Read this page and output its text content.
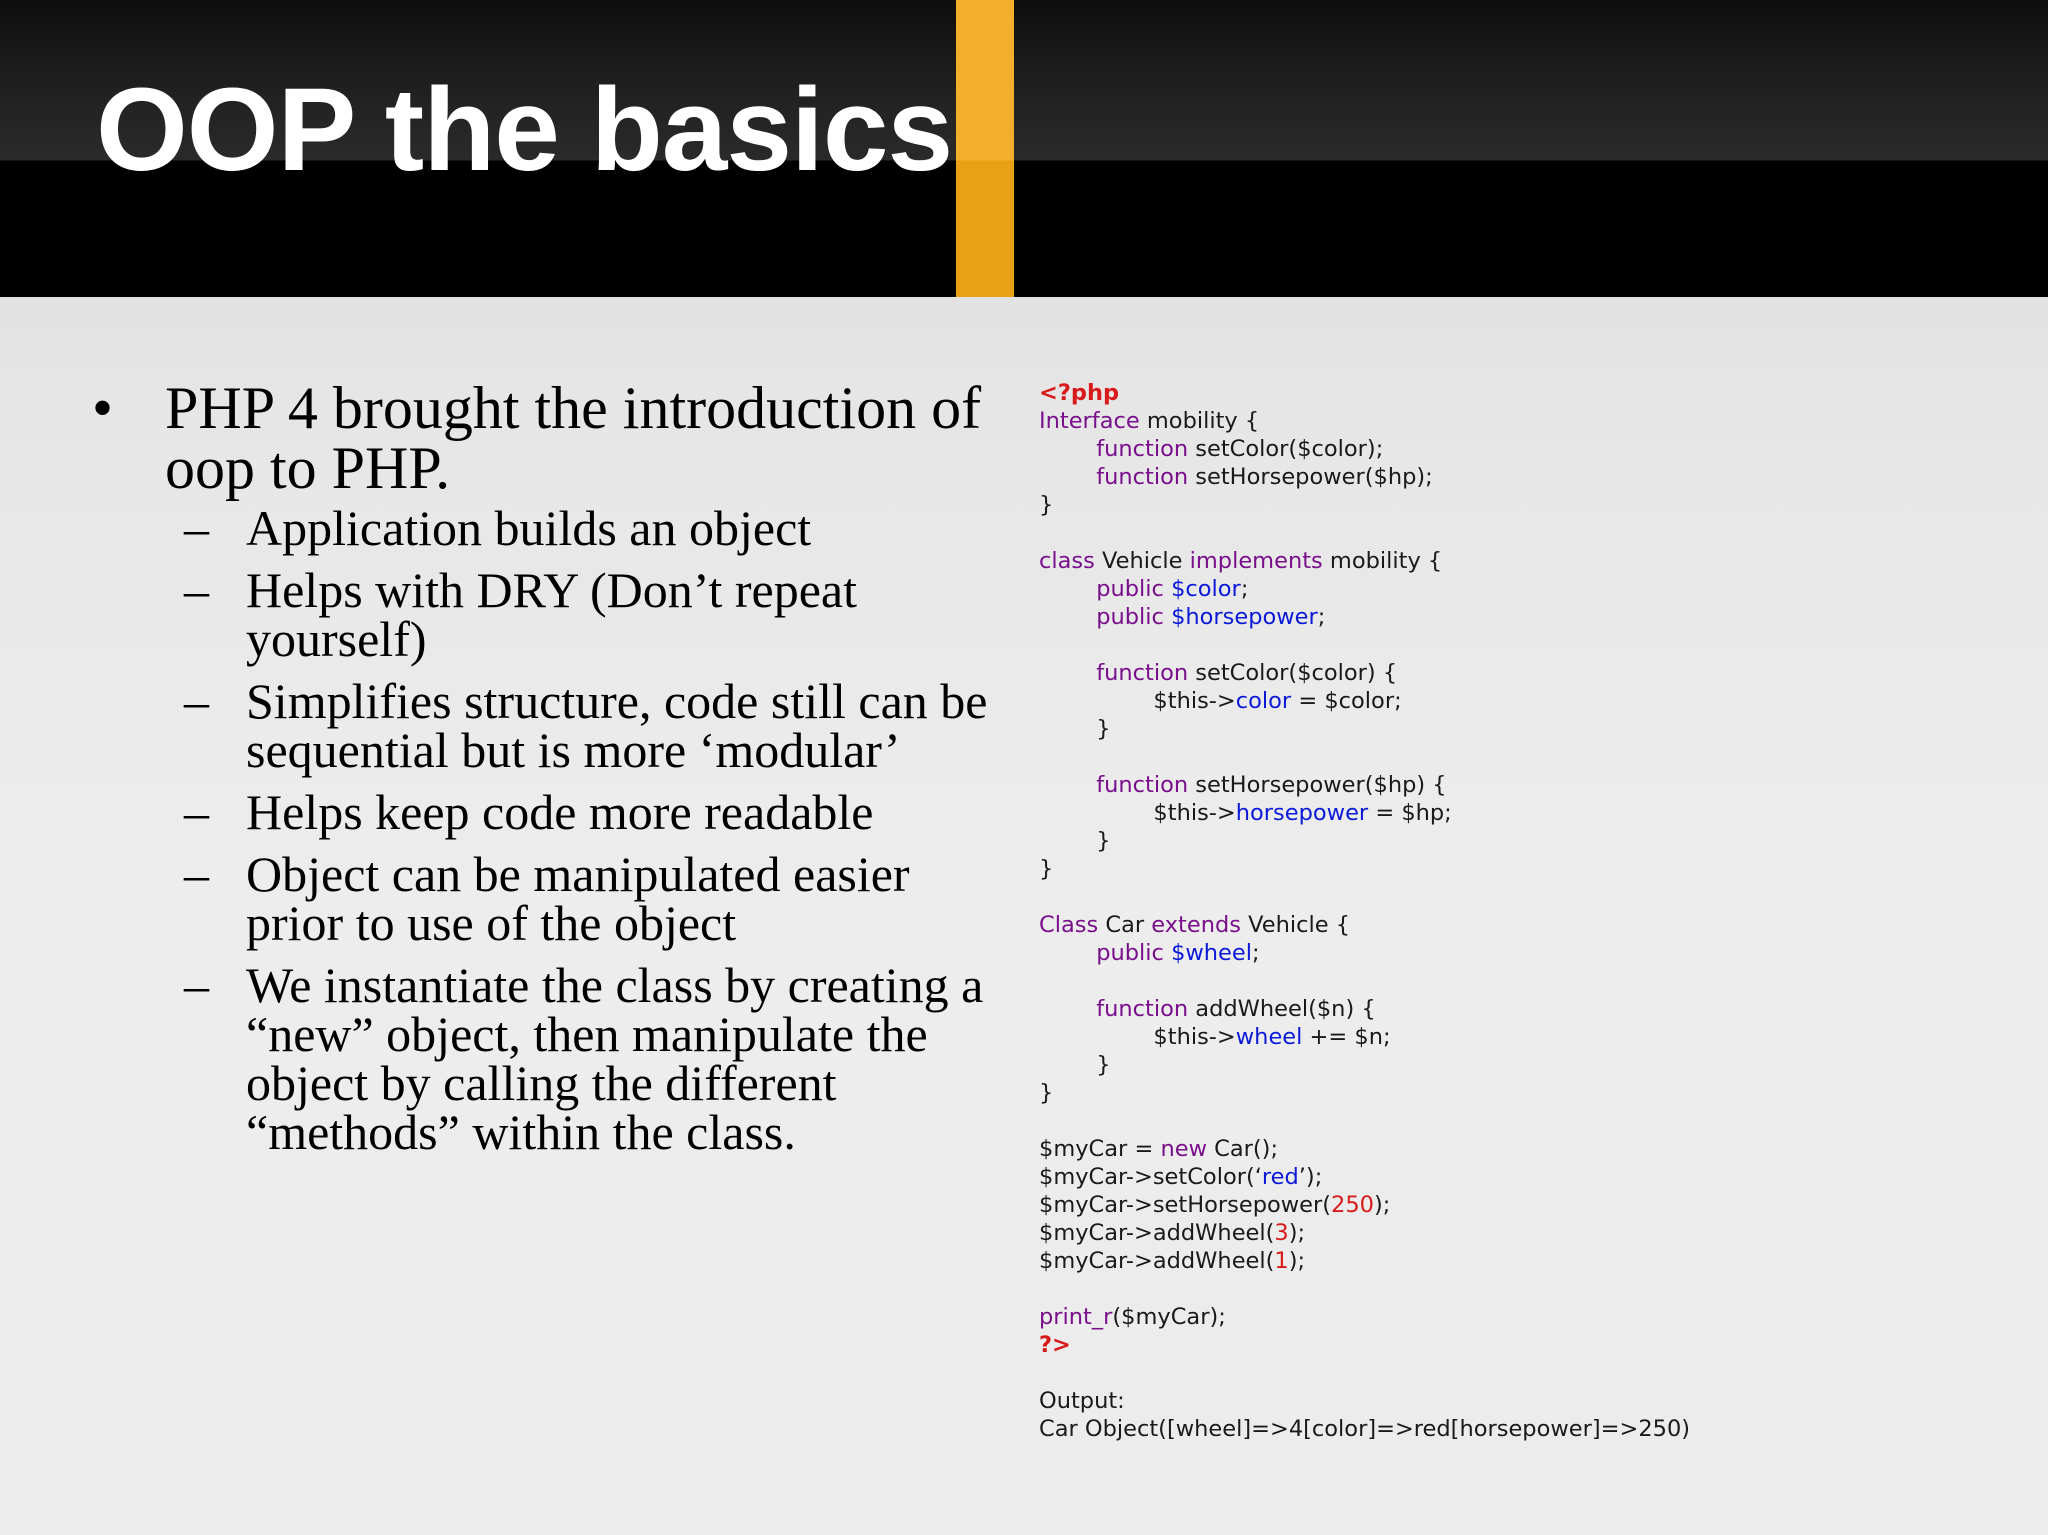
OOP the basics
• PHP 4 brought the introduction of oop to PHP.
– Application builds an object
– Helps with DRY (Don’t repeat yourself)
– Simplifies structure, code still can be sequential but is more ‘modular’
– Helps keep code more readable
– Object can be manipulated easier prior to use of the object
– We instantiate the class by creating a “new” object, then manipulate the object by calling the different “methods” within the class.
<?php
Interface mobility {
function setColor($color);
function setHorsepower($hp);
}
class Vehicle implements mobility {
public $color;
public $horsepower;
function setColor($color) {
$this->color = $color;
}
function setHorsepower($hp) {
$this->horsepower = $hp;
}
}
Class Car extends Vehicle {
public $wheel;
function addWheel($n) {
$this->wheel += $n;
}
}
$myCar = new Car();
$myCar->setColor(‘red’);
$myCar->setHorsepower(250);
$myCar->addWheel(3);
$myCar->addWheel(1);
print_r($myCar);
?>
Output:
Car Object([wheel]=>4[color]=>red[horsepower]=>250)
